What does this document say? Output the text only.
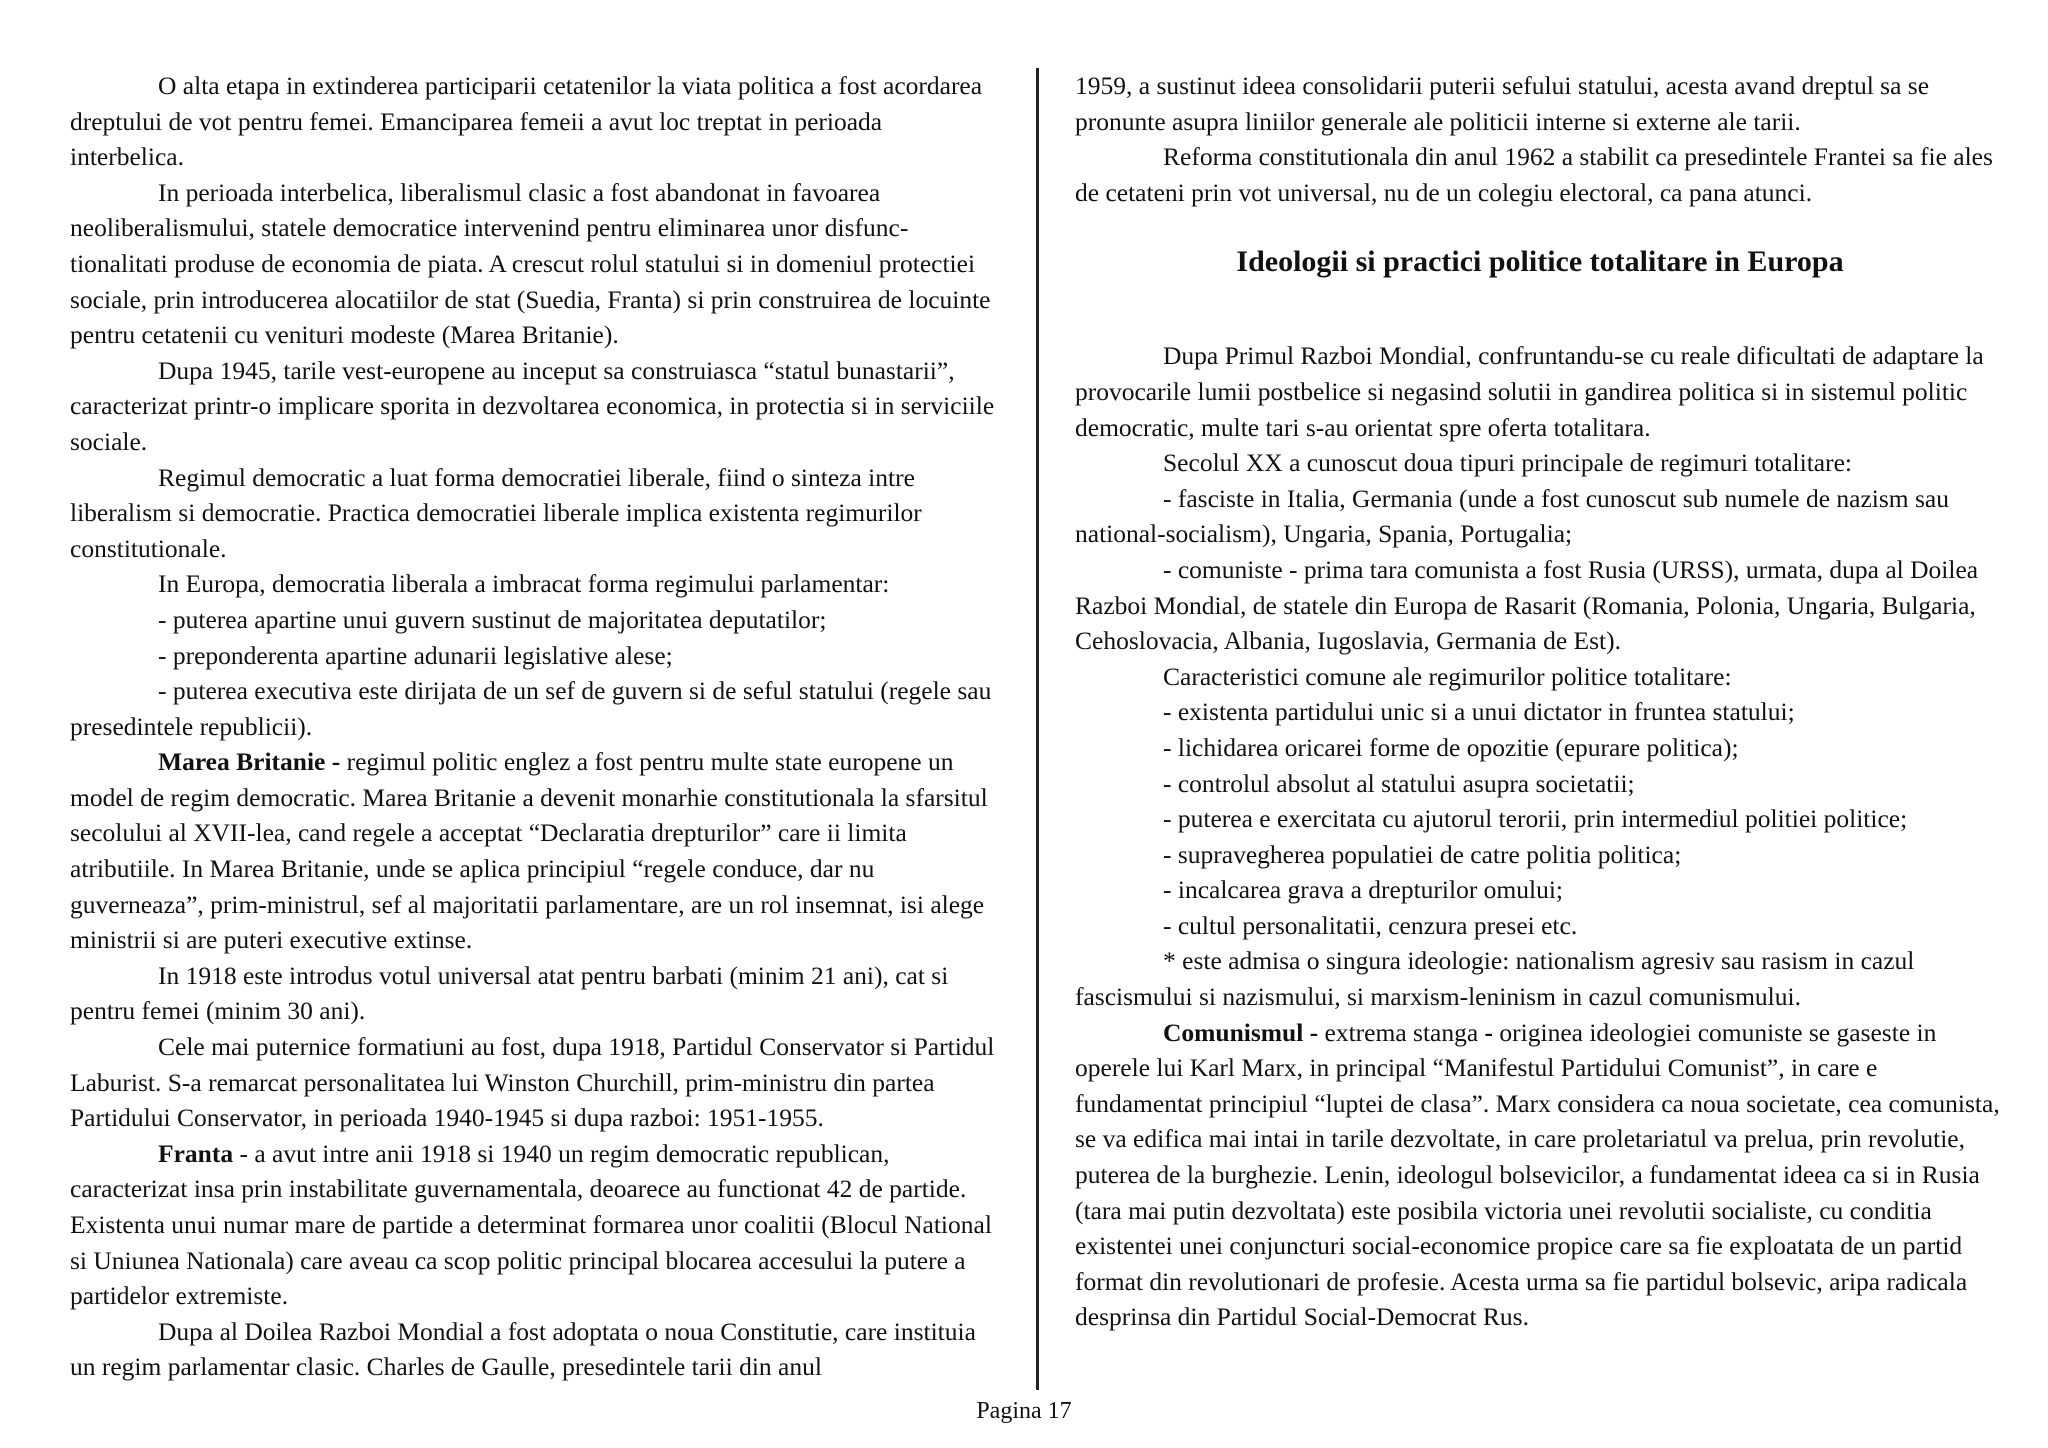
O alta etapa in extinderea participarii cetatenilor la viata politica a fost acordarea dreptului de vot pentru femei. Emanciparea femeii a avut loc treptat in perioada interbelica.

In perioada interbelica, liberalismul clasic a fost abandonat in favoarea neoliberalismului, statele democratice intervenind pentru eliminarea unor disfunc-tionalitati produse de economia de piata. A crescut rolul statului si in domeniul protectiei sociale, prin introducerea alocatiilor de stat (Suedia, Franta) si prin construirea de locuinte pentru cetatenii cu venituri modeste (Marea Britanie).

Dupa 1945, tarile vest-europene au inceput sa construiasca “statul bunastarii”, caracterizat printr-o implicare sporita in dezvoltarea economica, in protectia si in serviciile sociale.

Regimul democratic a luat forma democratiei liberale, fiind o sinteza intre liberalism si democratie. Practica democratiei liberale implica existenta regimurilor constitutionale.

In Europa, democratia liberala a imbracat forma regimului parlamentar:

- puterea apartine unui guvern sustinut de majoritatea deputatilor;

- preponderenta apartine adunarii legislative alese;

- puterea executiva este dirijata de un sef de guvern si de seful statului (regele sau presedintele republicii).

Marea Britanie - regimul politic englez a fost pentru multe state europene un model de regim democratic. Marea Britanie a devenit monarhie constitutionala la sfarsitul secolului al XVII-lea, cand regele a acceptat “Declaratia drepturilor” care ii limita atributiile. In Marea Britanie, unde se aplica principiul “regele conduce, dar nu guverneaza”, prim-ministrul, sef al majoritatii parlamentare, are un rol insemnat, isi alege ministrii si are puteri executive extinse.

In 1918 este introdus votul universal atat pentru barbati (minim 21 ani), cat si pentru femei (minim 30 ani).

Cele mai puternice formatiuni au fost, dupa 1918, Partidul Conservator si Partidul Laburist. S-a remarcat personalitatea lui Winston Churchill, prim-ministru din partea Partidului Conservator, in perioada 1940-1945 si dupa razboi: 1951-1955.

Franta - a avut intre anii 1918 si 1940 un regim democratic republican, caracterizat insa prin instabilitate guvernamentala, deoarece au functionat 42 de partide. Existenta unui numar mare de partide a determinat formarea unor coalitii (Blocul National si Uniunea Nationala) care aveau ca scop politic principal blocarea accesului la putere a partidelor extremiste.

Dupa al Doilea Razboi Mondial a fost adoptata o noua Constitutie, care instituia un regim parlamentar clasic. Charles de Gaulle, presedintele tarii din anul

1959, a sustinut ideea consolidarii puterii sefului statului, acesta avand dreptul sa se pronunte asupra liniilor generale ale politicii interne si externe ale tarii.

Reforma constitutionala din anul 1962 a stabilit ca presedintele Frantei sa fie ales de cetateni prin vot universal, nu de un colegiu electoral, ca pana atunci.

Ideologii si practici politice totalitare in Europa

Dupa Primul Razboi Mondial, confruntandu-se cu reale dificultati de adaptare la provocarile lumii postbelice si negasind solutii in gandirea politica si in sistemul politic democratic, multe tari s-au orientat spre oferta totalitara.

Secolul XX a cunoscut doua tipuri principale de regimuri totalitare:

- fasciste in Italia, Germania (unde a fost cunoscut sub numele de nazism sau national-socialism), Ungaria, Spania, Portugalia;

- comuniste - prima tara comunista a fost Rusia (URSS), urmata, dupa al Doilea Razboi Mondial, de statele din Europa de Rasarit (Romania, Polonia, Ungaria, Bulgaria, Cehoslovacia, Albania, Iugoslavia, Germania de Est).

Caracteristici comune ale regimurilor politice totalitare:

- existenta partidului unic si a unui dictator in fruntea statului;

- lichidarea oricarei forme de opozitie (epurare politica);

- controlul absolut al statului asupra societatii;

- puterea e exercitata cu ajutorul terorii, prin intermediul politiei politice;

- supravegherea populatiei de catre politia politica;

- incalcarea grava a drepturilor omului;

- cultul personalitatii, cenzura presei etc.

* este admisa o singura ideologie: nationalism agresiv sau rasism in cazul fascismului si nazismului, si marxism-leninism in cazul comunismului.

Comunismul - extrema stanga - originea ideologiei comuniste se gaseste in operele lui Karl Marx, in principal “Manifestul Partidului Comunist”, in care e fundamentat principiul “luptei de clasa”. Marx considera ca noua societate, cea comunista, se va edifica mai intai in tarile dezvoltate, in care proletariatul va prelua, prin revolutie, puterea de la burghezie. Lenin, ideologul bolsevicilor, a fundamentat ideea ca si in Rusia (tara mai putin dezvoltata) este posibila victoria unei revolutii socialiste, cu conditia existentei unei conjuncturi social-economice propice care sa fie exploatata de un partid format din revolutionari de profesie. Acesta urma sa fie partidul bolsevic, aripa radicala desprinsa din Partidul Social-Democrat Rus.

Pagina 17
